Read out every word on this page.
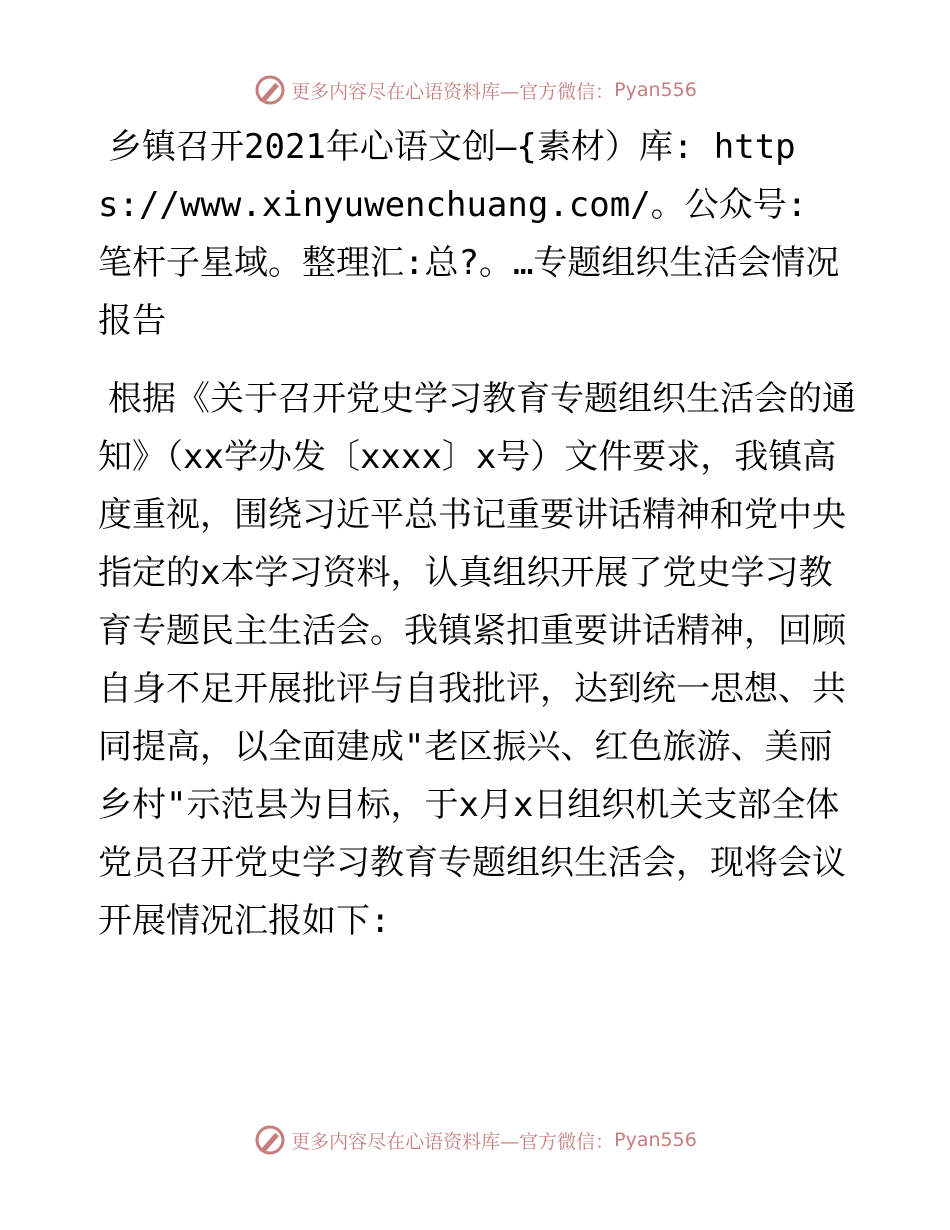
更多内容尽在心语资料库—官方微信： Pyan556

乡镇召开2021年心语文创—{素材）库: https://www.xinyuwenchuang.com/。公众号: 笔杆子星域。整理汇:总?。…专题组织生活会情况报告

根据《关于召开党史学习教育专题组织生活会的通知》（xx学办发〔xxxx〕x号）文件要求，我镇高度重视，围绕习近平总书记重要讲话精神和党中央指定的x本学习资料，认真组织开展了党史学习教育专题民主生活会。我镇紧扣重要讲话精神，回顾自身不足开展批评与自我批评，达到统一思想、共同提高，以全面建成"老区振兴、红色旅游、美丽乡村"示范县为目标，于x月x日组织机关支部全体党员召开党史学习教育专题组织生活会，现将会议开展情况汇报如下:

更多内容尽在心语资料库—官方微信： Pyan556
